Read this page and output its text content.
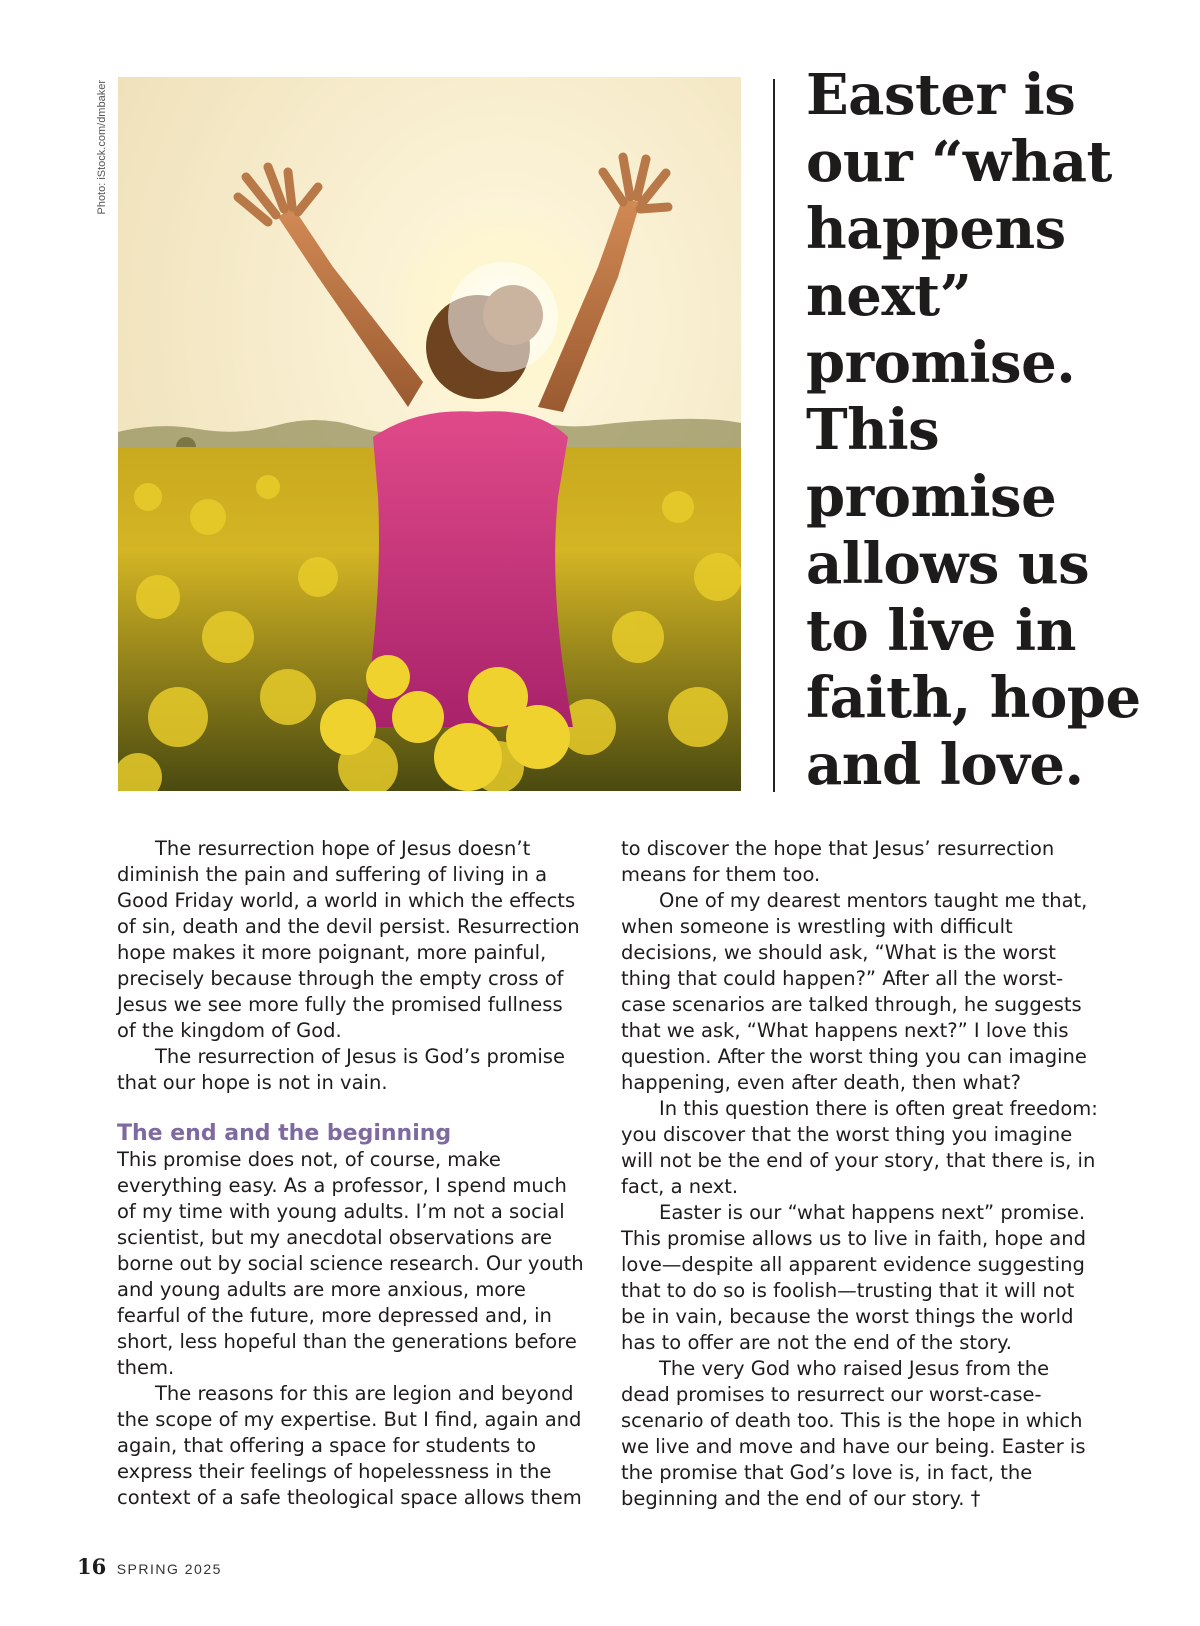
Photo: iStock.com/dmbaker	Easter is
our “what
happens
next”
promise.
This
promise
allows us
to live in
faith, hope
and love.

The resurrection hope of Jesus doesn’t diminish the pain and suffering of living in a Good Friday world, a world in which the effects of sin, death and the devil persist. Resurrection hope makes it more poignant, more painful, precisely because through the empty cross of Jesus we see more fully the promised fullness of the kingdom of God.

The resurrection of Jesus is God’s promise that our hope is not in vain.

The end and the beginning

This promise does not, of course, make everything easy. As a professor, I spend much of my time with young adults. I’m not a social scientist, but my anecdotal observations are borne out by social science research. Our youth and young adults are more anxious, more fearful of the future, more depressed and, in short, less hopeful than the generations before them.

The reasons for this are legion and beyond the scope of my expertise. But I find, again and again, that offering a space for students to express their feelings of hopelessness in the context of a safe theological space allows them

to discover the hope that Jesus’ resurrection means for them too.

One of my dearest mentors taught me that, when someone is wrestling with difficult decisions, we should ask, “What is the worst thing that could happen?” After all the worst-case scenarios are talked through, he suggests that we ask, “What happens next?” I love this question. After the worst thing you can imagine happening, even after death, then what?

In this question there is often great freedom: you discover that the worst thing you imagine will not be the end of your story, that there is, in fact, a next.

Easter is our “what happens next” promise. This promise allows us to live in faith, hope and love—despite all apparent evidence suggesting that to do so is foolish—trusting that it will not be in vain, because the worst things the world has to offer are not the end of the story.

The very God who raised Jesus from the dead promises to resurrect our worst-case-scenario of death too. This is the hope in which we live and move and have our being. Easter is the promise that God’s love is, in fact, the beginning and the end of our story. †

16 SPRING 2025
